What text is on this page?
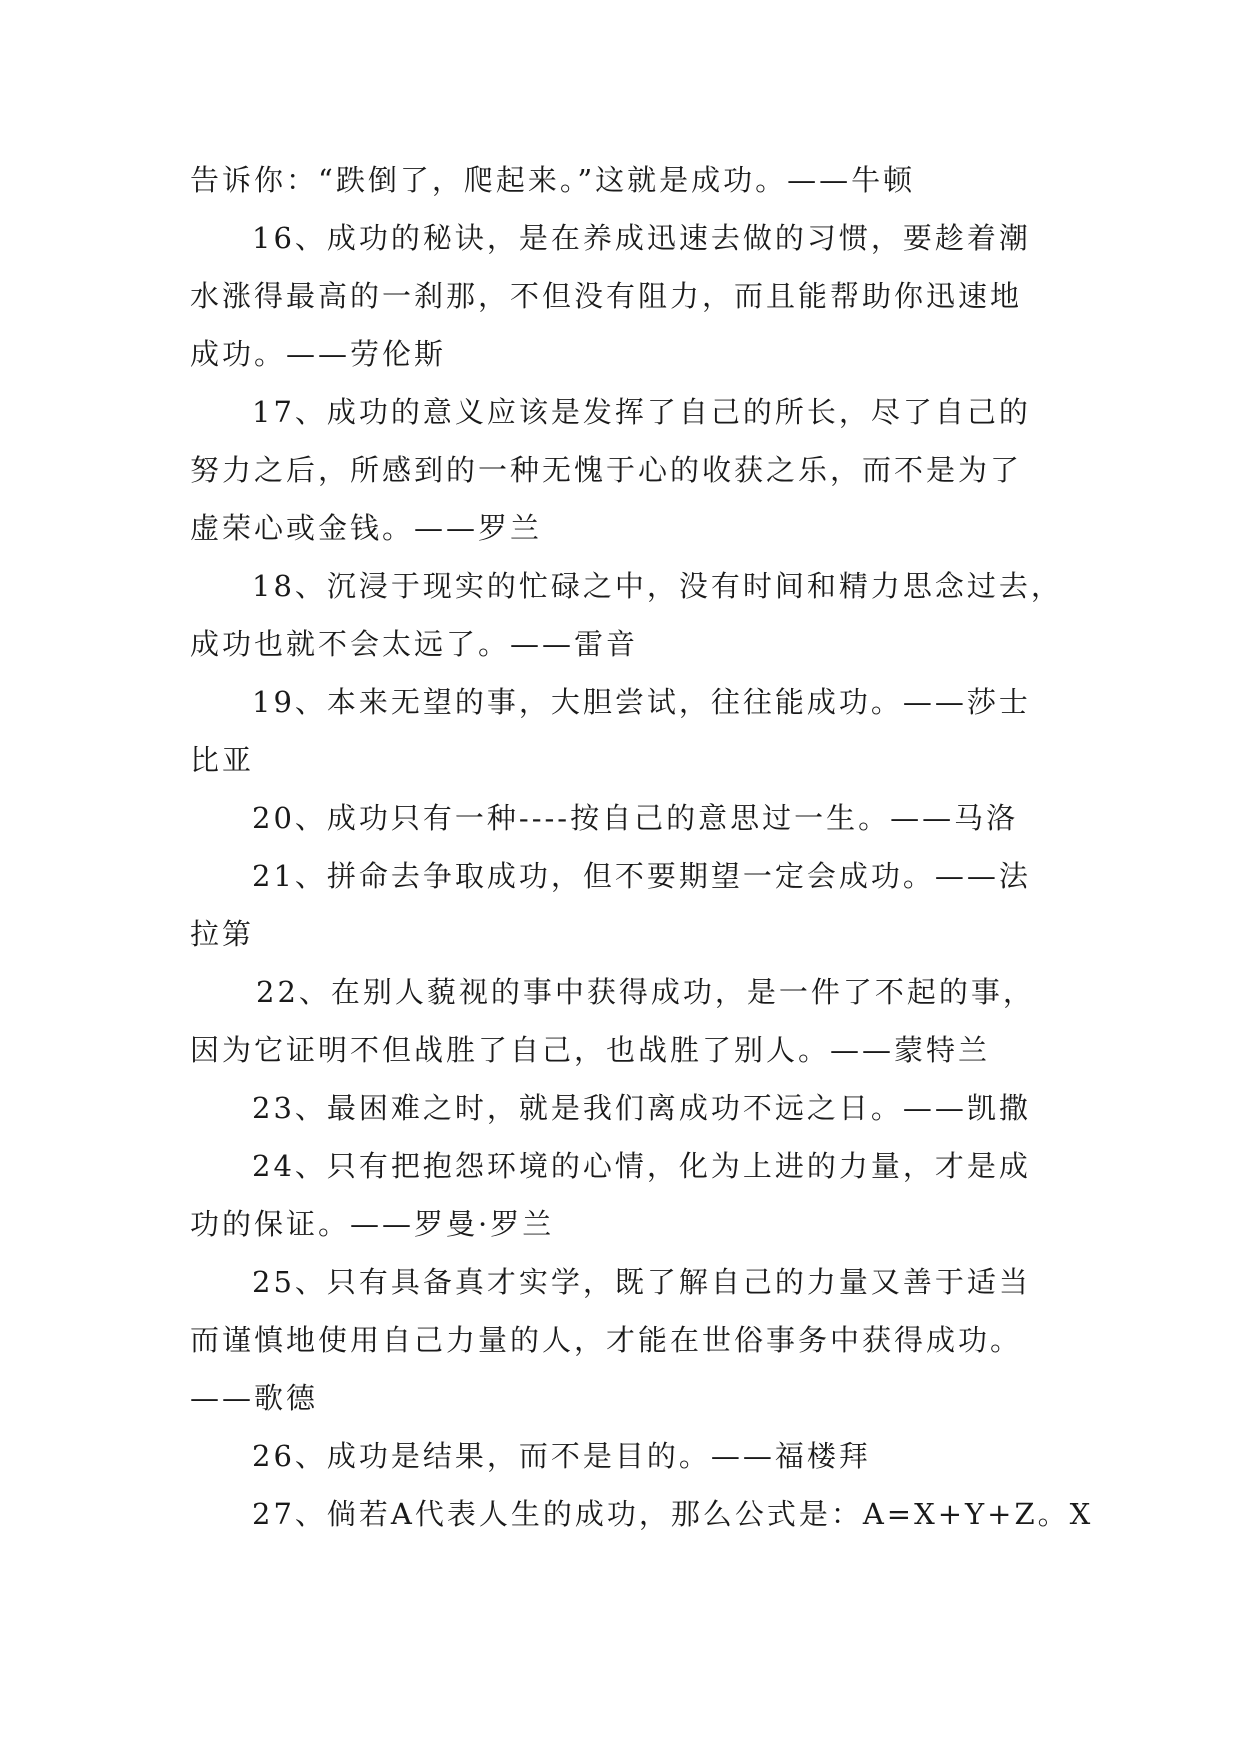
告诉你：“跌倒了，爬起来。”这就是成功。——牛顿
16、成功的秘诀，是在养成迅速去做的习惯，要趁着潮
水涨得最高的一刹那，不但没有阻力，而且能帮助你迅速地
成功。——劳伦斯
17、成功的意义应该是发挥了自己的所长，尽了自己的
努力之后，所感到的一种无愧于心的收获之乐，而不是为了
虚荣心或金钱。——罗兰
18、沉浸于现实的忙碌之中，没有时间和精力思念过去，
成功也就不会太远了。——雷音
19、本来无望的事，大胆尝试，往往能成功。——莎士
比亚
20、成功只有一种----按自己的意思过一生。——马洛
21、拼命去争取成功，但不要期望一定会成功。——法
拉第
22、在别人藐视的事中获得成功，是一件了不起的事，
因为它证明不但战胜了自己，也战胜了别人。——蒙特兰
23、最困难之时，就是我们离成功不远之日。——凯撒
24、只有把抱怨环境的心情，化为上进的力量，才是成
功的保证。——罗曼·罗兰
25、只有具备真才实学，既了解自己的力量又善于适当
而谨慎地使用自己力量的人，才能在世俗事务中获得成功。
——歌德
26、成功是结果，而不是目的。——福楼拜
27、倘若A代表人生的成功，那么公式是：A=X+Y+Z。X
